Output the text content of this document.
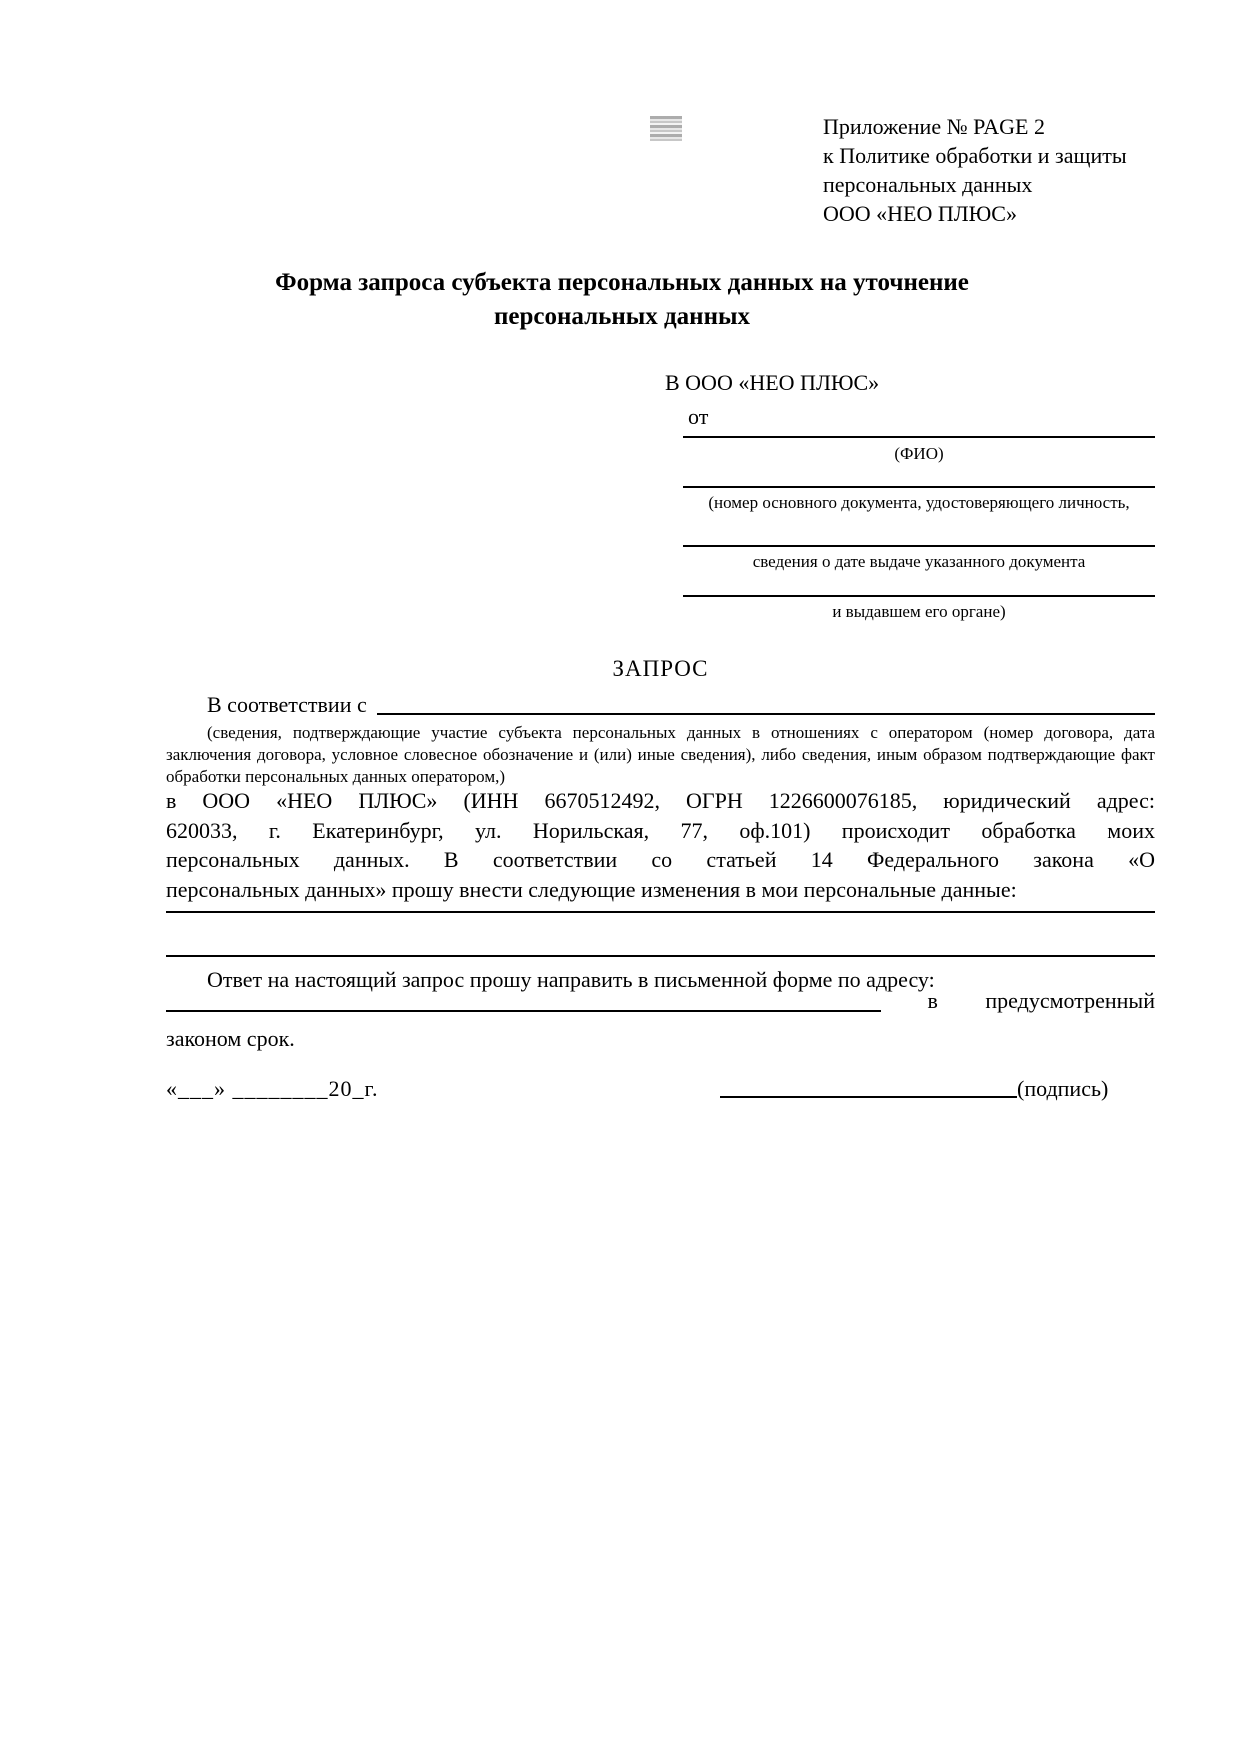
Приложение № PAGE 2
к Политике обработки и защиты
персональных данных
ООО «НЕО ПЛЮС»
Форма запроса субъекта персональных данных на уточнение
персональных данных
В ООО «НЕО ПЛЮС»
от
(ФИО)
(номер основного документа, удостоверяющего личность,
сведения о дате выдаче указанного документа
и выдавшем его органе)
ЗАПРОС
В соответствии с
(сведения, подтверждающие участие субъекта персональных данных в отношениях с оператором (номер договора, дата заключения договора, условное словесное обозначение и (или) иные сведения), либо сведения, иным образом подтверждающие факт обработки персональных данных оператором,)
в ООО «НЕО ПЛЮС» (ИНН 6670512492, ОГРН 1226600076185, юридический адрес:
620033, г. Екатеринбург, ул. Норильская, 77, оф.101) происходит обработка моих
персональных данных. В соответствии со статьей 14 Федерального закона «О
персональных данных» прошу внести следующие изменения в мои персональные данные:
Ответ на настоящий запрос прошу направить в письменной форме по адресу:
в предусмотренный
законом срок.
«___» ________20_г.	(подпись)
